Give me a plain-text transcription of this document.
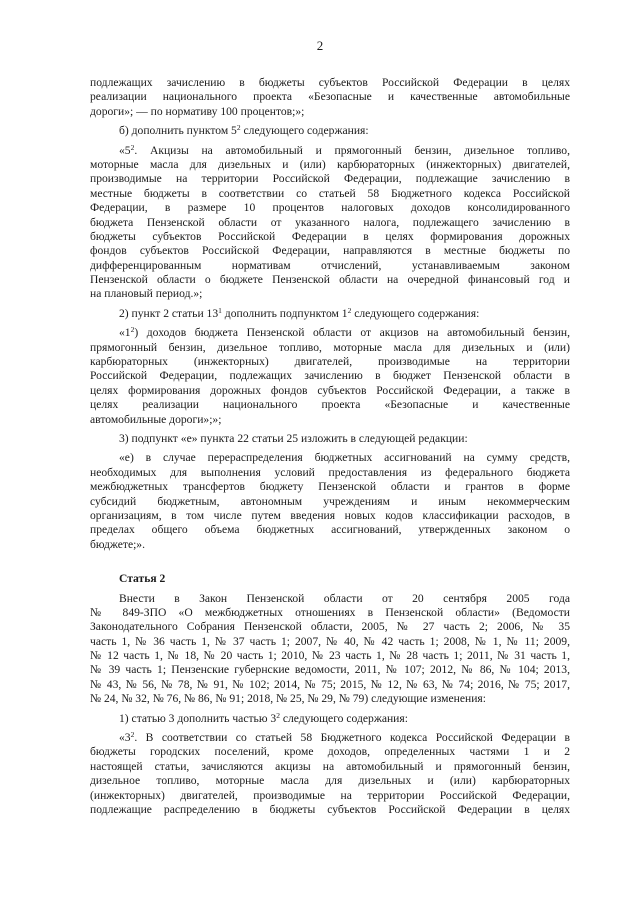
2
подлежащих зачислению в бюджеты субъектов Российской Федерации в целях
реализации национального проекта «Безопасные и качественные автомобильные
дороги»; — по нормативу 100 процентов;»;
б) дополнить пунктом $5^2$ следующего содержания:
«$5^2$. Акцизы на автомобильный и прямогонный бензин, дизельное топливо,
моторные масла для дизельных и (или) карбюраторных (инжекторных) двигателей,
производимые на территории Российской Федерации, подлежащие зачислению в
местные бюджеты в соответствии со статьей 58 Бюджетного кодекса Российской
Федерации, в размере 10 процентов налоговых доходов консолидированного
бюджета Пензенской области от указанного налога, подлежащего зачислению в
бюджеты субъектов Российской Федерации в целях формирования дорожных
фондов субъектов Российской Федерации, направляются в местные бюджеты по
дифференцированным нормативам отчислений, устанавливаемым законом
Пензенской области о бюджете Пензенской области на очередной финансовый год и
на плановый период.»;
2) пункт 2 статьи $13^1$ дополнить подпунктом $1^2$ следующего содержания:
«$1^2$) доходов бюджета Пензенской области от акцизов на автомобильный бензин,
прямогонный бензин, дизельное топливо, моторные масла для дизельных и (или)
карбюраторных (инжекторных) двигателей, производимые на территории
Российской Федерации, подлежащих зачислению в бюджет Пензенской области в
целях формирования дорожных фондов субъектов Российской Федерации, а также в
целях реализации национального проекта «Безопасные и качественные
автомобильные дороги»;»;
3) подпункт «е» пункта 22 статьи 25 изложить в следующей редакции:
«е) в случае перераспределения бюджетных ассигнований на сумму средств,
необходимых для выполнения условий предоставления из федерального бюджета
межбюджетных трансфертов бюджету Пензенской области и грантов в форме
субсидий бюджетным, автономным учреждениям и иным некоммерческим
организациям, в том числе путем введения новых кодов классификации расходов, в
пределах общего объема бюджетных ассигнований, утвержденных законом о
бюджете;».
Статья 2
Внести в Закон Пензенской области от 20 сентября 2005 года
№ 849-ЗПО «О межбюджетных отношениях в Пензенской области» (Ведомости
Законодательного Собрания Пензенской области, 2005, № 27 часть 2; 2006, № 35
часть 1, № 36 часть 1, № 37 часть 1; 2007, № 40, № 42 часть 1; 2008, № 1, № 11; 2009,
№ 12 часть 1, № 18, № 20 часть 1; 2010, № 23 часть 1, № 28 часть 1; 2011, № 31 часть 1,
№ 39 часть 1; Пензенские губернские ведомости, 2011, № 107; 2012, № 86, № 104; 2013,
№ 43, № 56, № 78, № 91, № 102; 2014, № 75; 2015, № 12, № 63, № 74; 2016, № 75; 2017,
№ 24, № 32, № 76, № 86, № 91; 2018, № 25, № 29, № 79) следующие изменения:
1) статью 3 дополнить частью $3^2$ следующего содержания:
«$3^2$. В соответствии со статьей 58 Бюджетного кодекса Российской Федерации в
бюджеты городских поселений, кроме доходов, определенных частями 1 и 2
настоящей статьи, зачисляются акцизы на автомобильный и прямогонный бензин,
дизельное топливо, моторные масла для дизельных и (или) карбюраторных
(инжекторных) двигателей, производимые на территории Российской Федерации,
подлежащие распределению в бюджеты субъектов Российской Федерации в целях
